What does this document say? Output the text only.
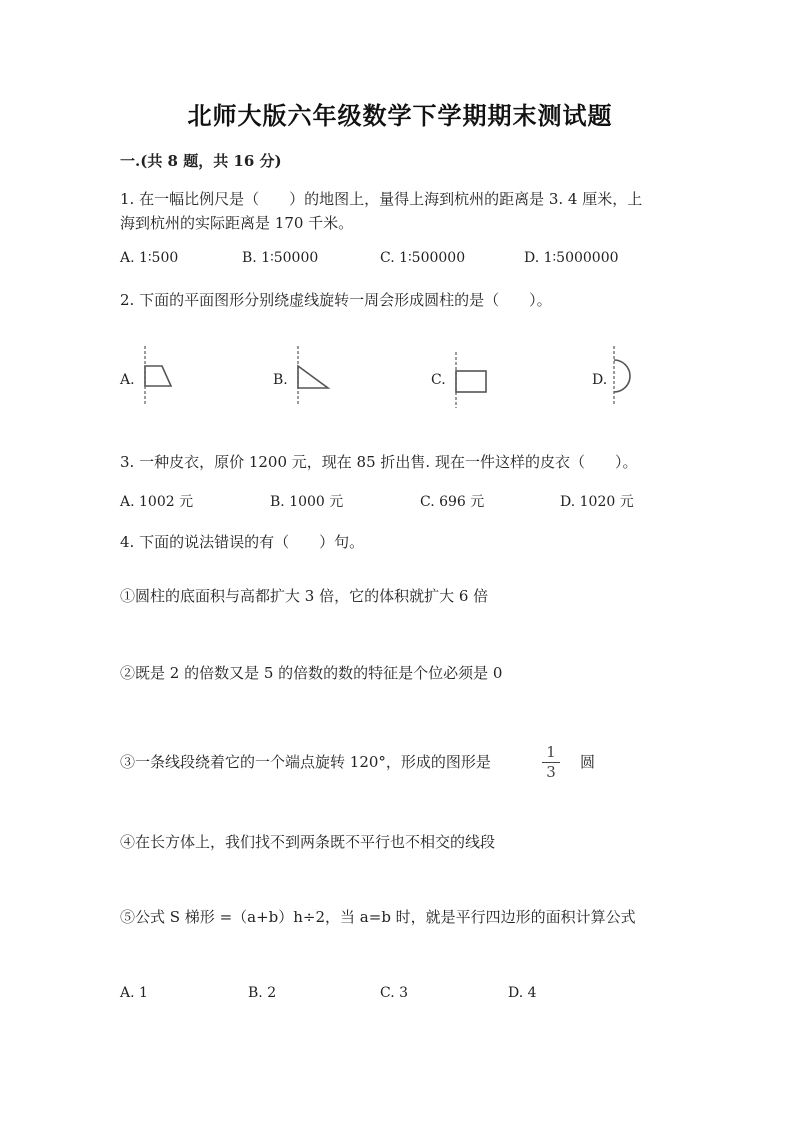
北师大版六年级数学下学期期末测试题
一.(共 8 题，共 16 分)
1. 在一幅比例尺是（　　）的地图上，量得上海到杭州的距离是 3. 4 厘米，上
海到杭州的实际距离是 170 千米。
A. 1∶500	B. 1∶50000	C. 1∶500000	D. 1∶5000000
2. 下面的平面图形分别绕虚线旋转一周会形成圆柱的是（　　）。
A.	B.	C.	D.
3. 一种皮衣，原价 1200 元，现在 85 折出售. 现在一件这样的皮衣（　　）。
A. 1002 元	B. 1000 元	C. 696 元	D. 1020 元
4. 下面的说法错误的有（　　）句。
①圆柱的底面积与高都扩大 3 倍，它的体积就扩大 6 倍
②既是 2 的倍数又是 5 的倍数的数的特征是个位必须是 0
③一条线段绕着它的一个端点旋转 120°，形成的图形是
1
3
圆
④在长方体上，我们找不到两条既不平行也不相交的线段
⑤公式 S 梯形 =（a+b）h÷2，当 a=b 时，就是平行四边形的面积计算公式
A. 1	B. 2	C. 3	D. 4
